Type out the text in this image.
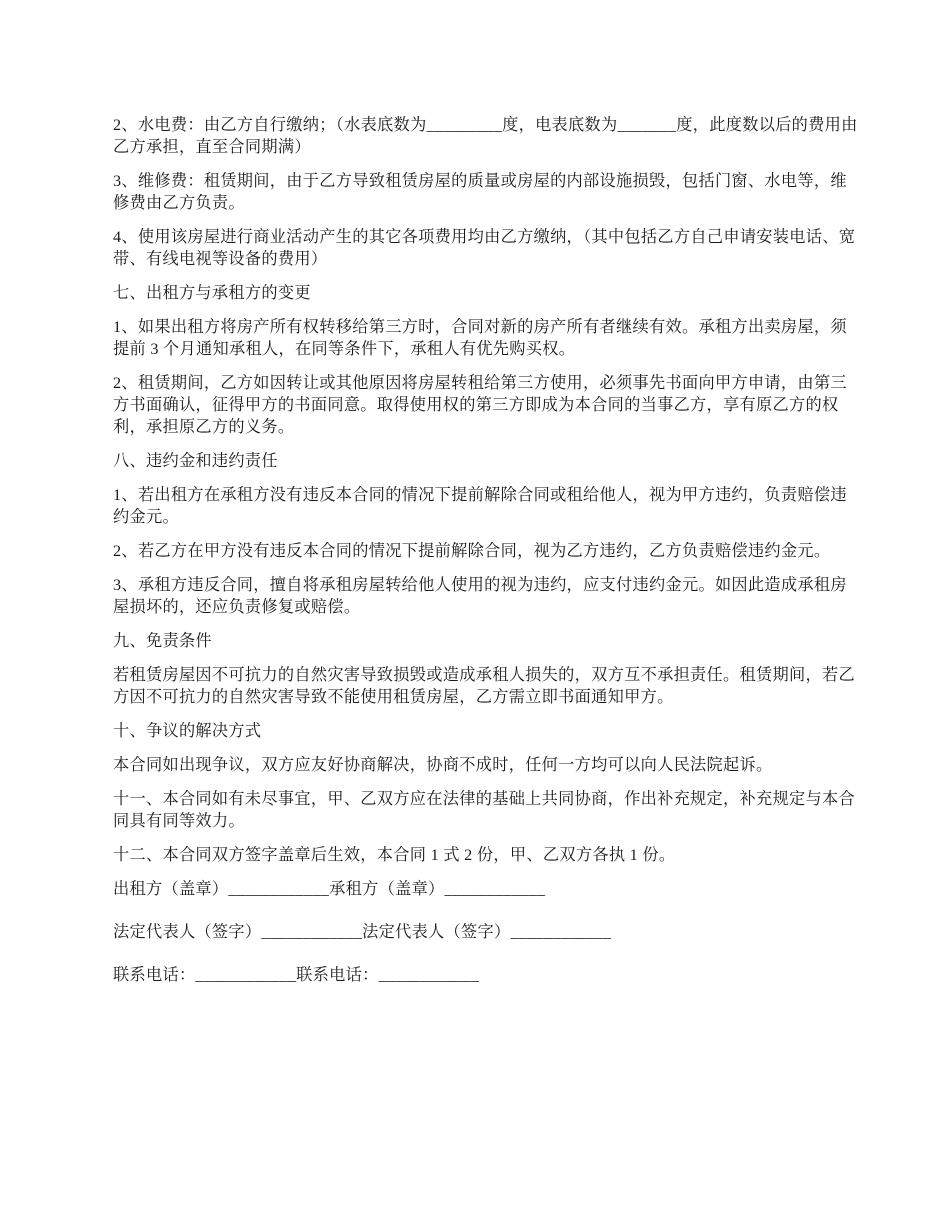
2、水电费：由乙方自行缴纳；（水表底数为_________度，电表底数为_______度，此度数以后的费用由乙方承担，直至合同期满）

3、维修费：租赁期间，由于乙方导致租赁房屋的质量或房屋的内部设施损毁，包括门窗、水电等，维修费由乙方负责。

4、使用该房屋进行商业活动产生的其它各项费用均由乙方缴纳，（其中包括乙方自己申请安装电话、宽带、有线电视等设备的费用）

七、出租方与承租方的变更

1、如果出租方将房产所有权转移给第三方时，合同对新的房产所有者继续有效。承租方出卖房屋，须提前 3 个月通知承租人，在同等条件下，承租人有优先购买权。

2、租赁期间，乙方如因转让或其他原因将房屋转租给第三方使用，必须事先书面向甲方申请，由第三方书面确认，征得甲方的书面同意。取得使用权的第三方即成为本合同的当事乙方，享有原乙方的权利，承担原乙方的义务。

八、违约金和违约责任

1、若出租方在承租方没有违反本合同的情况下提前解除合同或租给他人，视为甲方违约，负责赔偿违约金元。

2、若乙方在甲方没有违反本合同的情况下提前解除合同，视为乙方违约，乙方负责赔偿违约金元。

3、承租方违反合同，擅自将承租房屋转给他人使用的视为违约，应支付违约金元。如因此造成承租房屋损坏的，还应负责修复或赔偿。

九、免责条件

若租赁房屋因不可抗力的自然灾害导致损毁或造成承租人损失的，双方互不承担责任。租赁期间，若乙方因不可抗力的自然灾害导致不能使用租赁房屋，乙方需立即书面通知甲方。

十、争议的解决方式

本合同如出现争议，双方应友好协商解决，协商不成时，任何一方均可以向人民法院起诉。

十一、本合同如有未尽事宜，甲、乙双方应在法律的基础上共同协商，作出补充规定，补充规定与本合同具有同等效力。

十二、本合同双方签字盖章后生效，本合同 1 式 2 份，甲、乙双方各执 1 份。

出租方（盖章）____________承租方（盖章）____________

法定代表人（签字）____________法定代表人（签字）____________

联系电话：____________联系电话：____________
